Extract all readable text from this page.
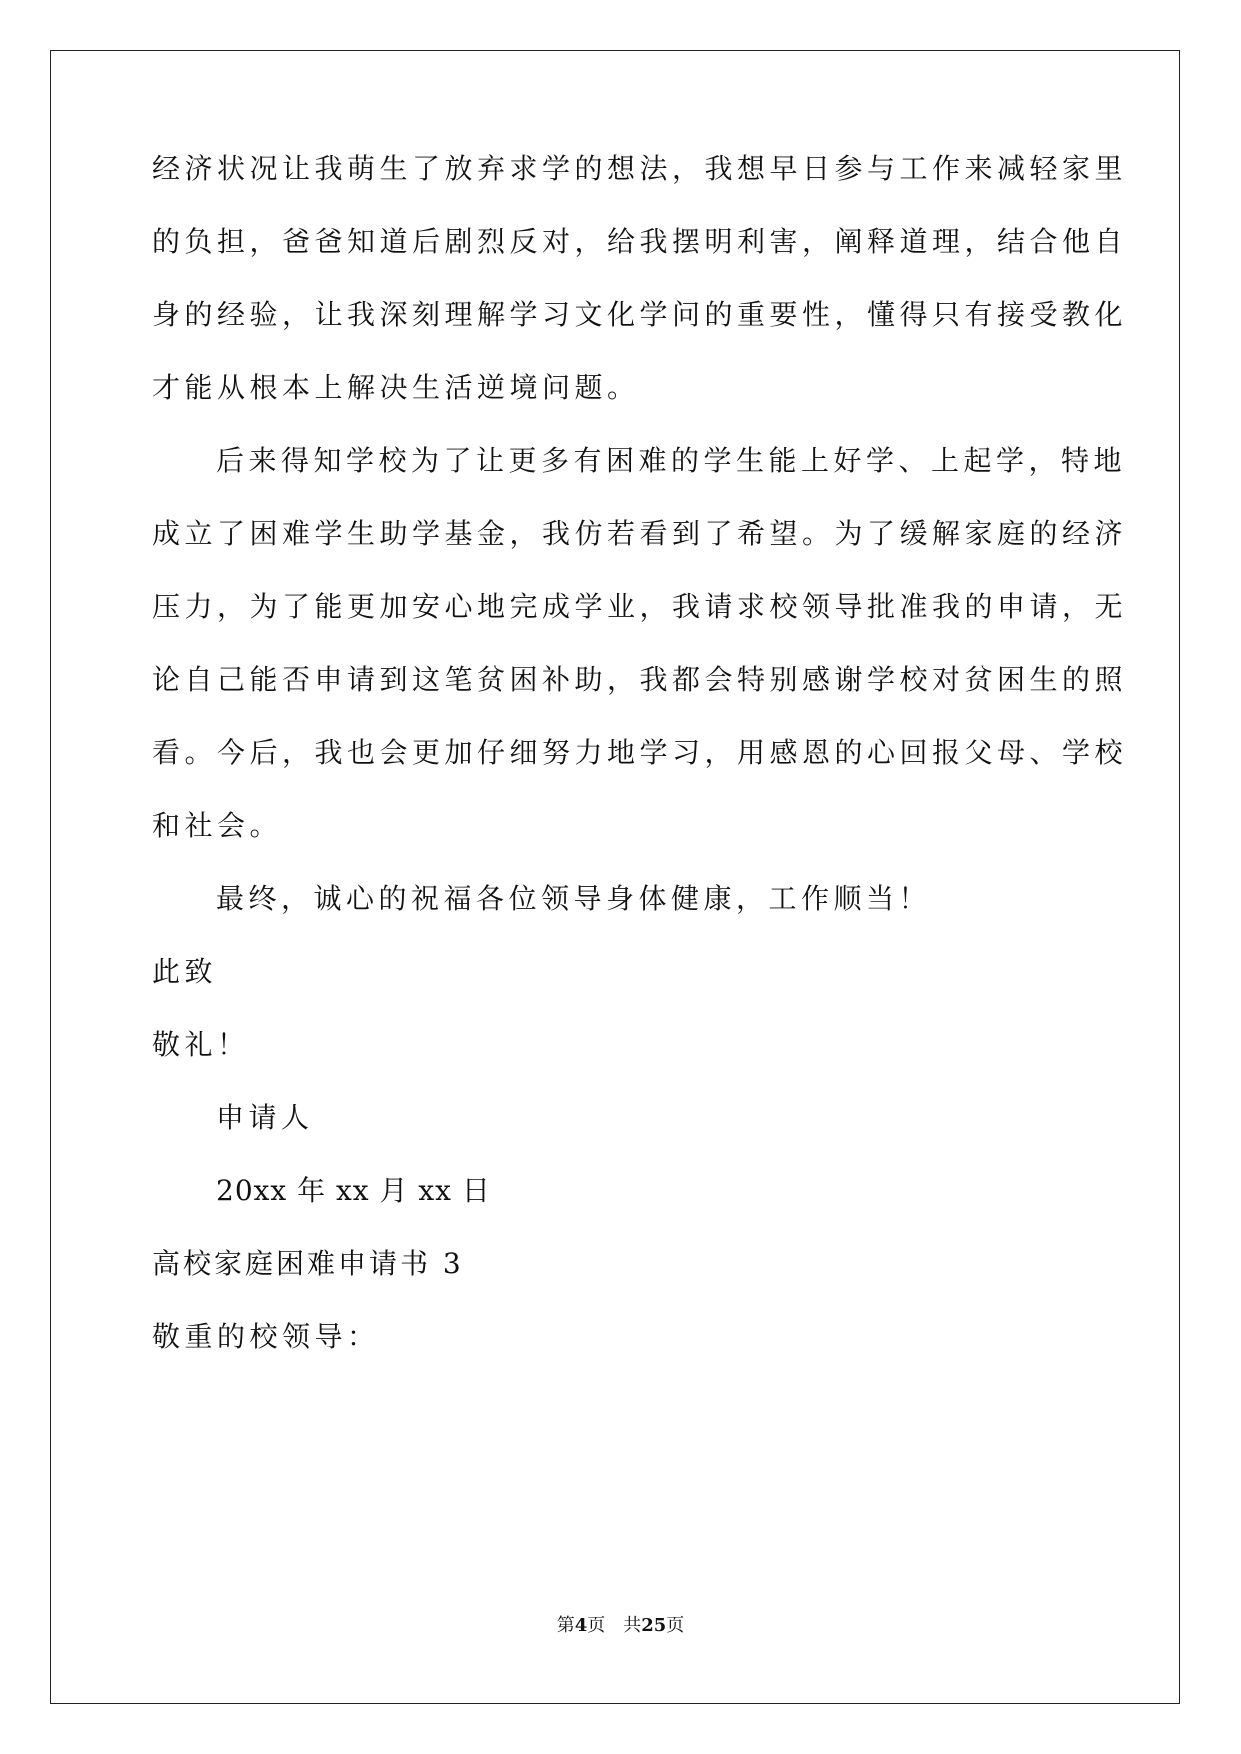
经济状况让我萌生了放弃求学的想法，我想早日参与工作来减轻家里
的负担，爸爸知道后剧烈反对，给我摆明利害，阐释道理，结合他自
身的经验，让我深刻理解学习文化学问的重要性，懂得只有接受教化
才能从根本上解决生活逆境问题。
后来得知学校为了让更多有困难的学生能上好学、上起学，特地
成立了困难学生助学基金，我仿若看到了希望。为了缓解家庭的经济
压力，为了能更加安心地完成学业，我请求校领导批准我的申请，无
论自己能否申请到这笔贫困补助，我都会特别感谢学校对贫困生的照
看。今后，我也会更加仔细努力地学习，用感恩的心回报父母、学校
和社会。
最终，诚心的祝福各位领导身体健康，工作顺当！
此致
敬礼！
申请人
20xx 年 xx 月 xx 日
高校家庭困难申请书 3
敬重的校领导：
第4页　共25页
